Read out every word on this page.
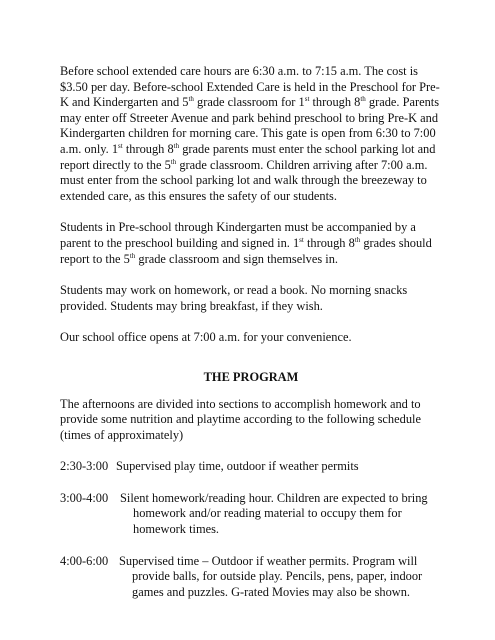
Before school extended care hours are 6:30 a.m. to 7:15 a.m. The cost is $3.50 per day. Before-school Extended Care is held in the Preschool for Pre-K and Kindergarten and 5th grade classroom for 1st through 8th grade. Parents may enter off Streeter Avenue and park behind preschool to bring Pre-K and Kindergarten children for morning care. This gate is open from 6:30 to 7:00 a.m. only. 1st through 8th grade parents must enter the school parking lot and report directly to the 5th grade classroom. Children arriving after 7:00 a.m. must enter from the school parking lot and walk through the breezeway to extended care, as this ensures the safety of our students.

Students in Pre-school through Kindergarten must be accompanied by a parent to the preschool building and signed in. 1st through 8th grades should report to the 5th grade classroom and sign themselves in.

Students may work on homework, or read a book. No morning snacks provided. Students may bring breakfast, if they wish.

Our school office opens at 7:00 a.m. for your convenience.

THE PROGRAM

The afternoons are divided into sections to accomplish homework and to provide some nutrition and playtime according to the following schedule (times of approximately)

2:30-3:00 Supervised play time, outdoor if weather permits
3:00-4:00 Silent homework/reading hour. Children are expected to bring
homework and/or reading material to occupy them for homework times.
4:00-6:00 Supervised time – Outdoor if weather permits. Program will
provide balls, for outside play. Pencils, pens, paper, indoor games and puzzles. G-rated Movies may also be shown.
